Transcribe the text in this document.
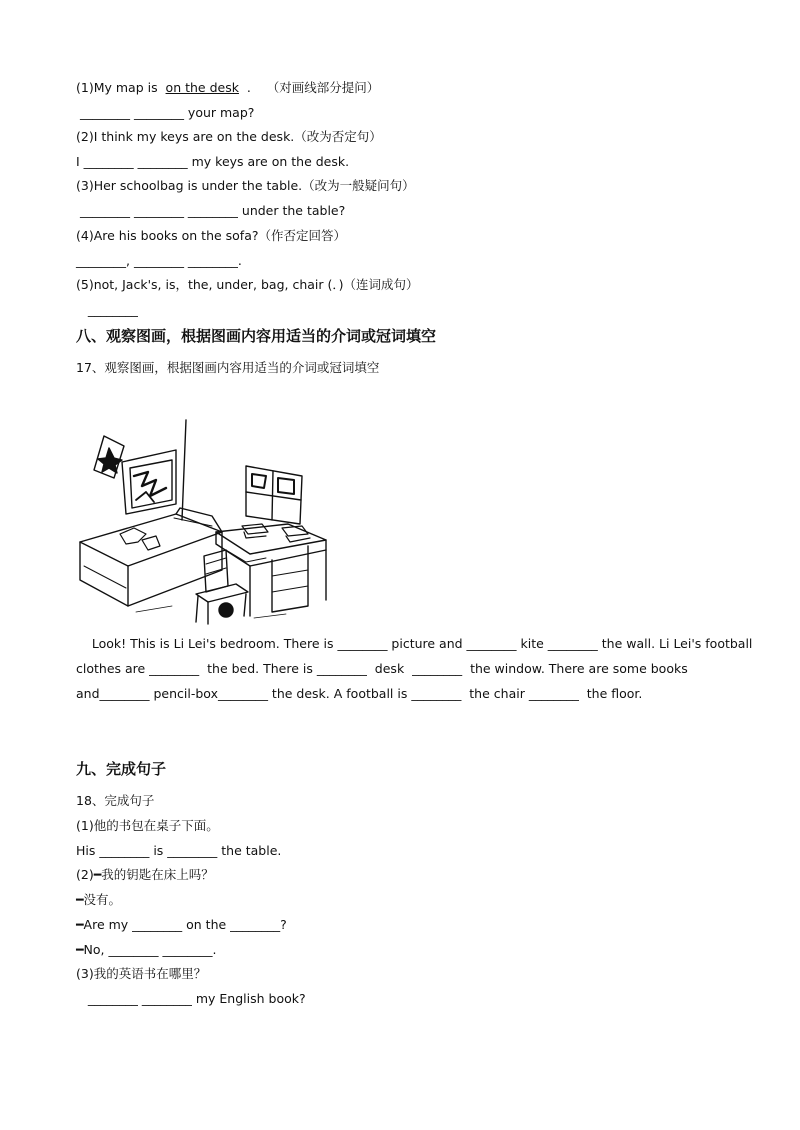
(1)My map is  on the desk  .    （对画线部分提问）
________ ________ your map?
(2)I think my keys are on the desk.（改为否定句）
I ________ ________ my keys are on the desk.
(3)Her schoolbag is under the table.（改为一般疑问句）
________ ________ ________ under the table?
(4)Are his books on the sofa?（作否定回答）
________, ________ ________.
(5)not, Jack's, is，the, under, bag, chair (．)（连词成句）
________
八、观察图画，根据图画内容用适当的介词或冠词填空
17、观察图画，根据图画内容用适当的介词或冠词填空
Look! This is Li Lei's bedroom. There is ________ picture and ________ kite ________ the wall. Li Lei's football
clothes are ________  the bed. There is ________  desk  ________  the window. There are some books
and________ pencil-box________ the desk. A football is ________  the chair ________  the floor.
九、完成句子
18、完成句子
(1)他的书包在桌子下面。
His ________ is ________ the table.
(2)━我的钥匙在床上吗？
━没有。
━Are my ________ on the ________?
━No, ________ ________.
(3)我的英语书在哪里？
________ ________ my English book?
